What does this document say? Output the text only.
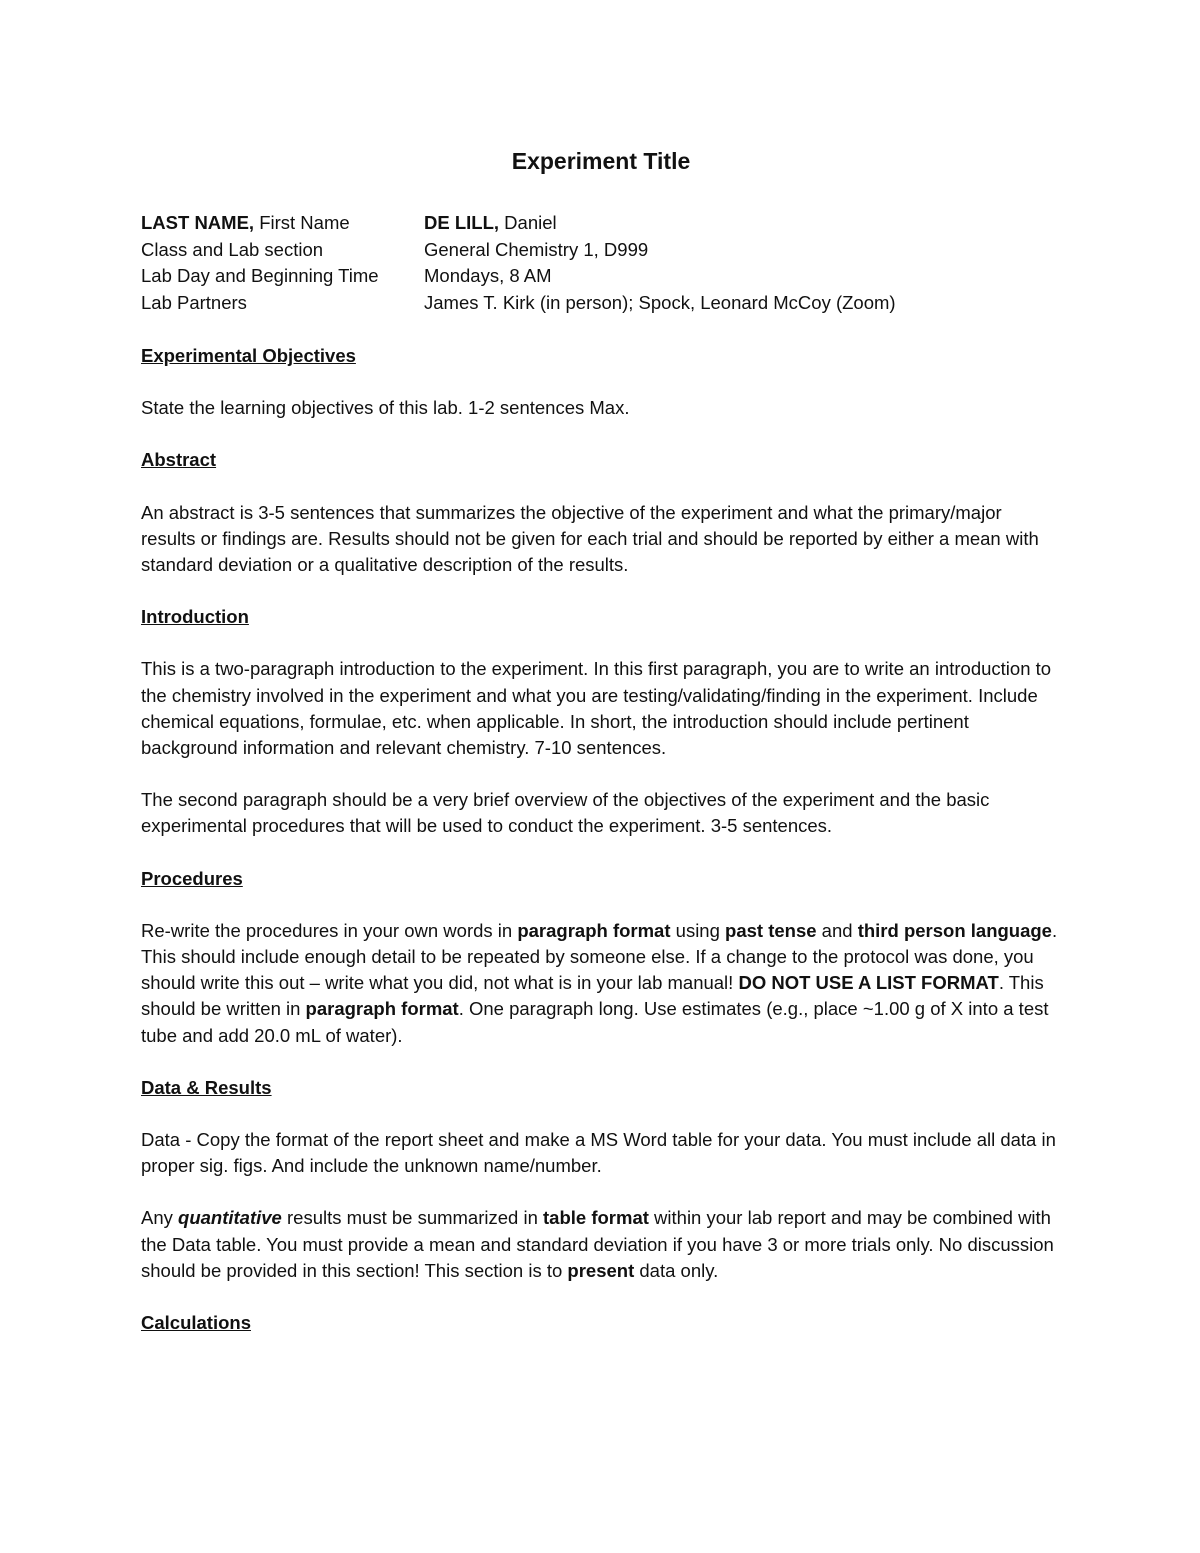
Experiment Title
LAST NAME, First Name	DE LILL, Daniel
Class and Lab section	General Chemistry 1, D999
Lab Day and Beginning Time	Mondays, 8 AM
Lab Partners	James T. Kirk (in person); Spock, Leonard McCoy (Zoom)
Experimental Objectives

State the learning objectives of this lab. 1-2 sentences Max.

Abstract

An abstract is 3-5 sentences that summarizes the objective of the experiment and what the primary/major results or findings are. Results should not be given for each trial and should be reported by either a mean with standard deviation or a qualitative description of the results.

Introduction

This is a two-paragraph introduction to the experiment. In this first paragraph, you are to write an introduction to the chemistry involved in the experiment and what you are testing/validating/finding in the experiment. Include chemical equations, formulae, etc. when applicable. In short, the introduction should include pertinent background information and relevant chemistry. 7-10 sentences.

The second paragraph should be a very brief overview of the objectives of the experiment and the basic experimental procedures that will be used to conduct the experiment. 3-5 sentences.

Procedures

Re-write the procedures in your own words in paragraph format using past tense and third person language. This should include enough detail to be repeated by someone else. If a change to the protocol was done, you should write this out – write what you did, not what is in your lab manual! DO NOT USE A LIST FORMAT. This should be written in paragraph format. One paragraph long. Use estimates (e.g., place ~1.00 g of X into a test tube and add 20.0 mL of water).

Data & Results

Data - Copy the format of the report sheet and make a MS Word table for your data. You must include all data in proper sig. figs. And include the unknown name/number.

Any quantitative results must be summarized in table format within your lab report and may be combined with the Data table. You must provide a mean and standard deviation if you have 3 or more trials only. No discussion should be provided in this section! This section is to present data only.

Calculations
